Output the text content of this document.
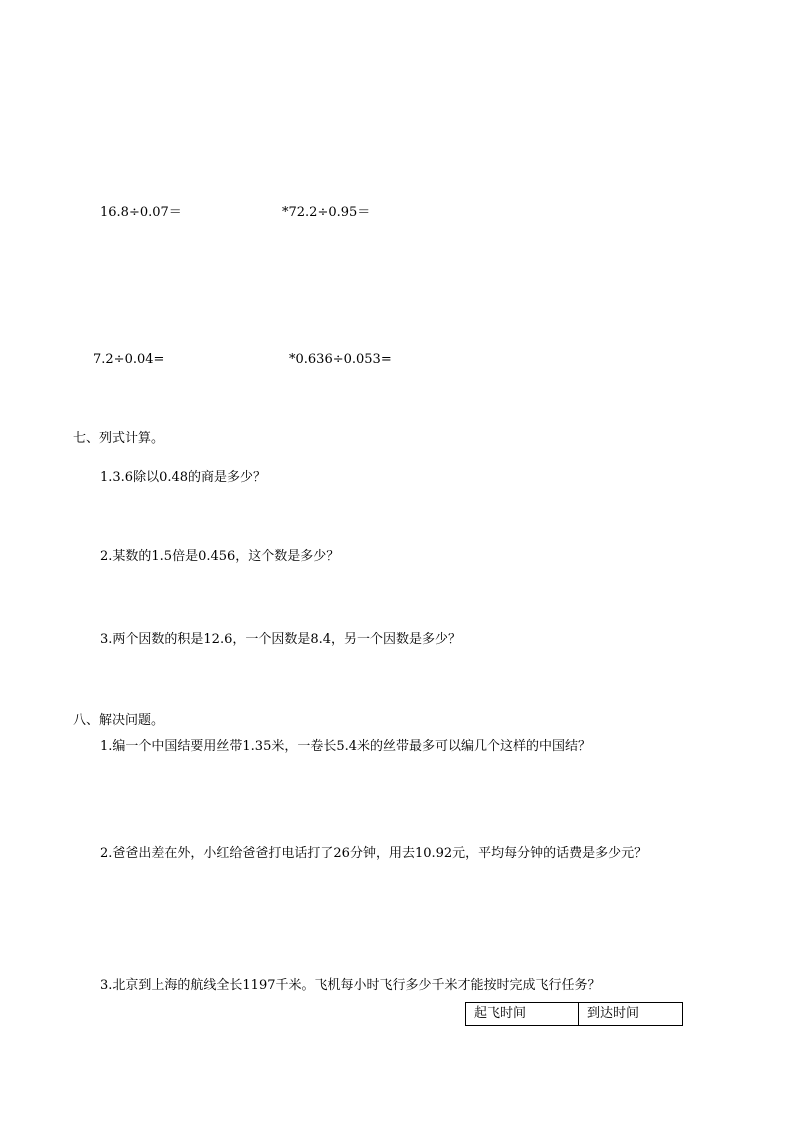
16.8÷0.07＝	*72.2÷0.95＝
7.2÷0.04=	*0.636÷0.053=
七、列式计算。
1.3.6除以0.48的商是多少？
2.某数的1.5倍是0.456，这个数是多少？
3.两个因数的积是12.6，一个因数是8.4，另一个因数是多少？
八、解决问题。
1.编一个中国结要用丝带1.35米，一卷长5.4米的丝带最多可以编几个这样的中国结？
2.爸爸出差在外，小红给爸爸打电话打了26分钟，用去10.92元，平均每分钟的话费是多少元？
3.北京到上海的航线全长1197千米。飞机每小时飞行多少千米才能按时完成飞行任务？
起飞时间	到达时间
